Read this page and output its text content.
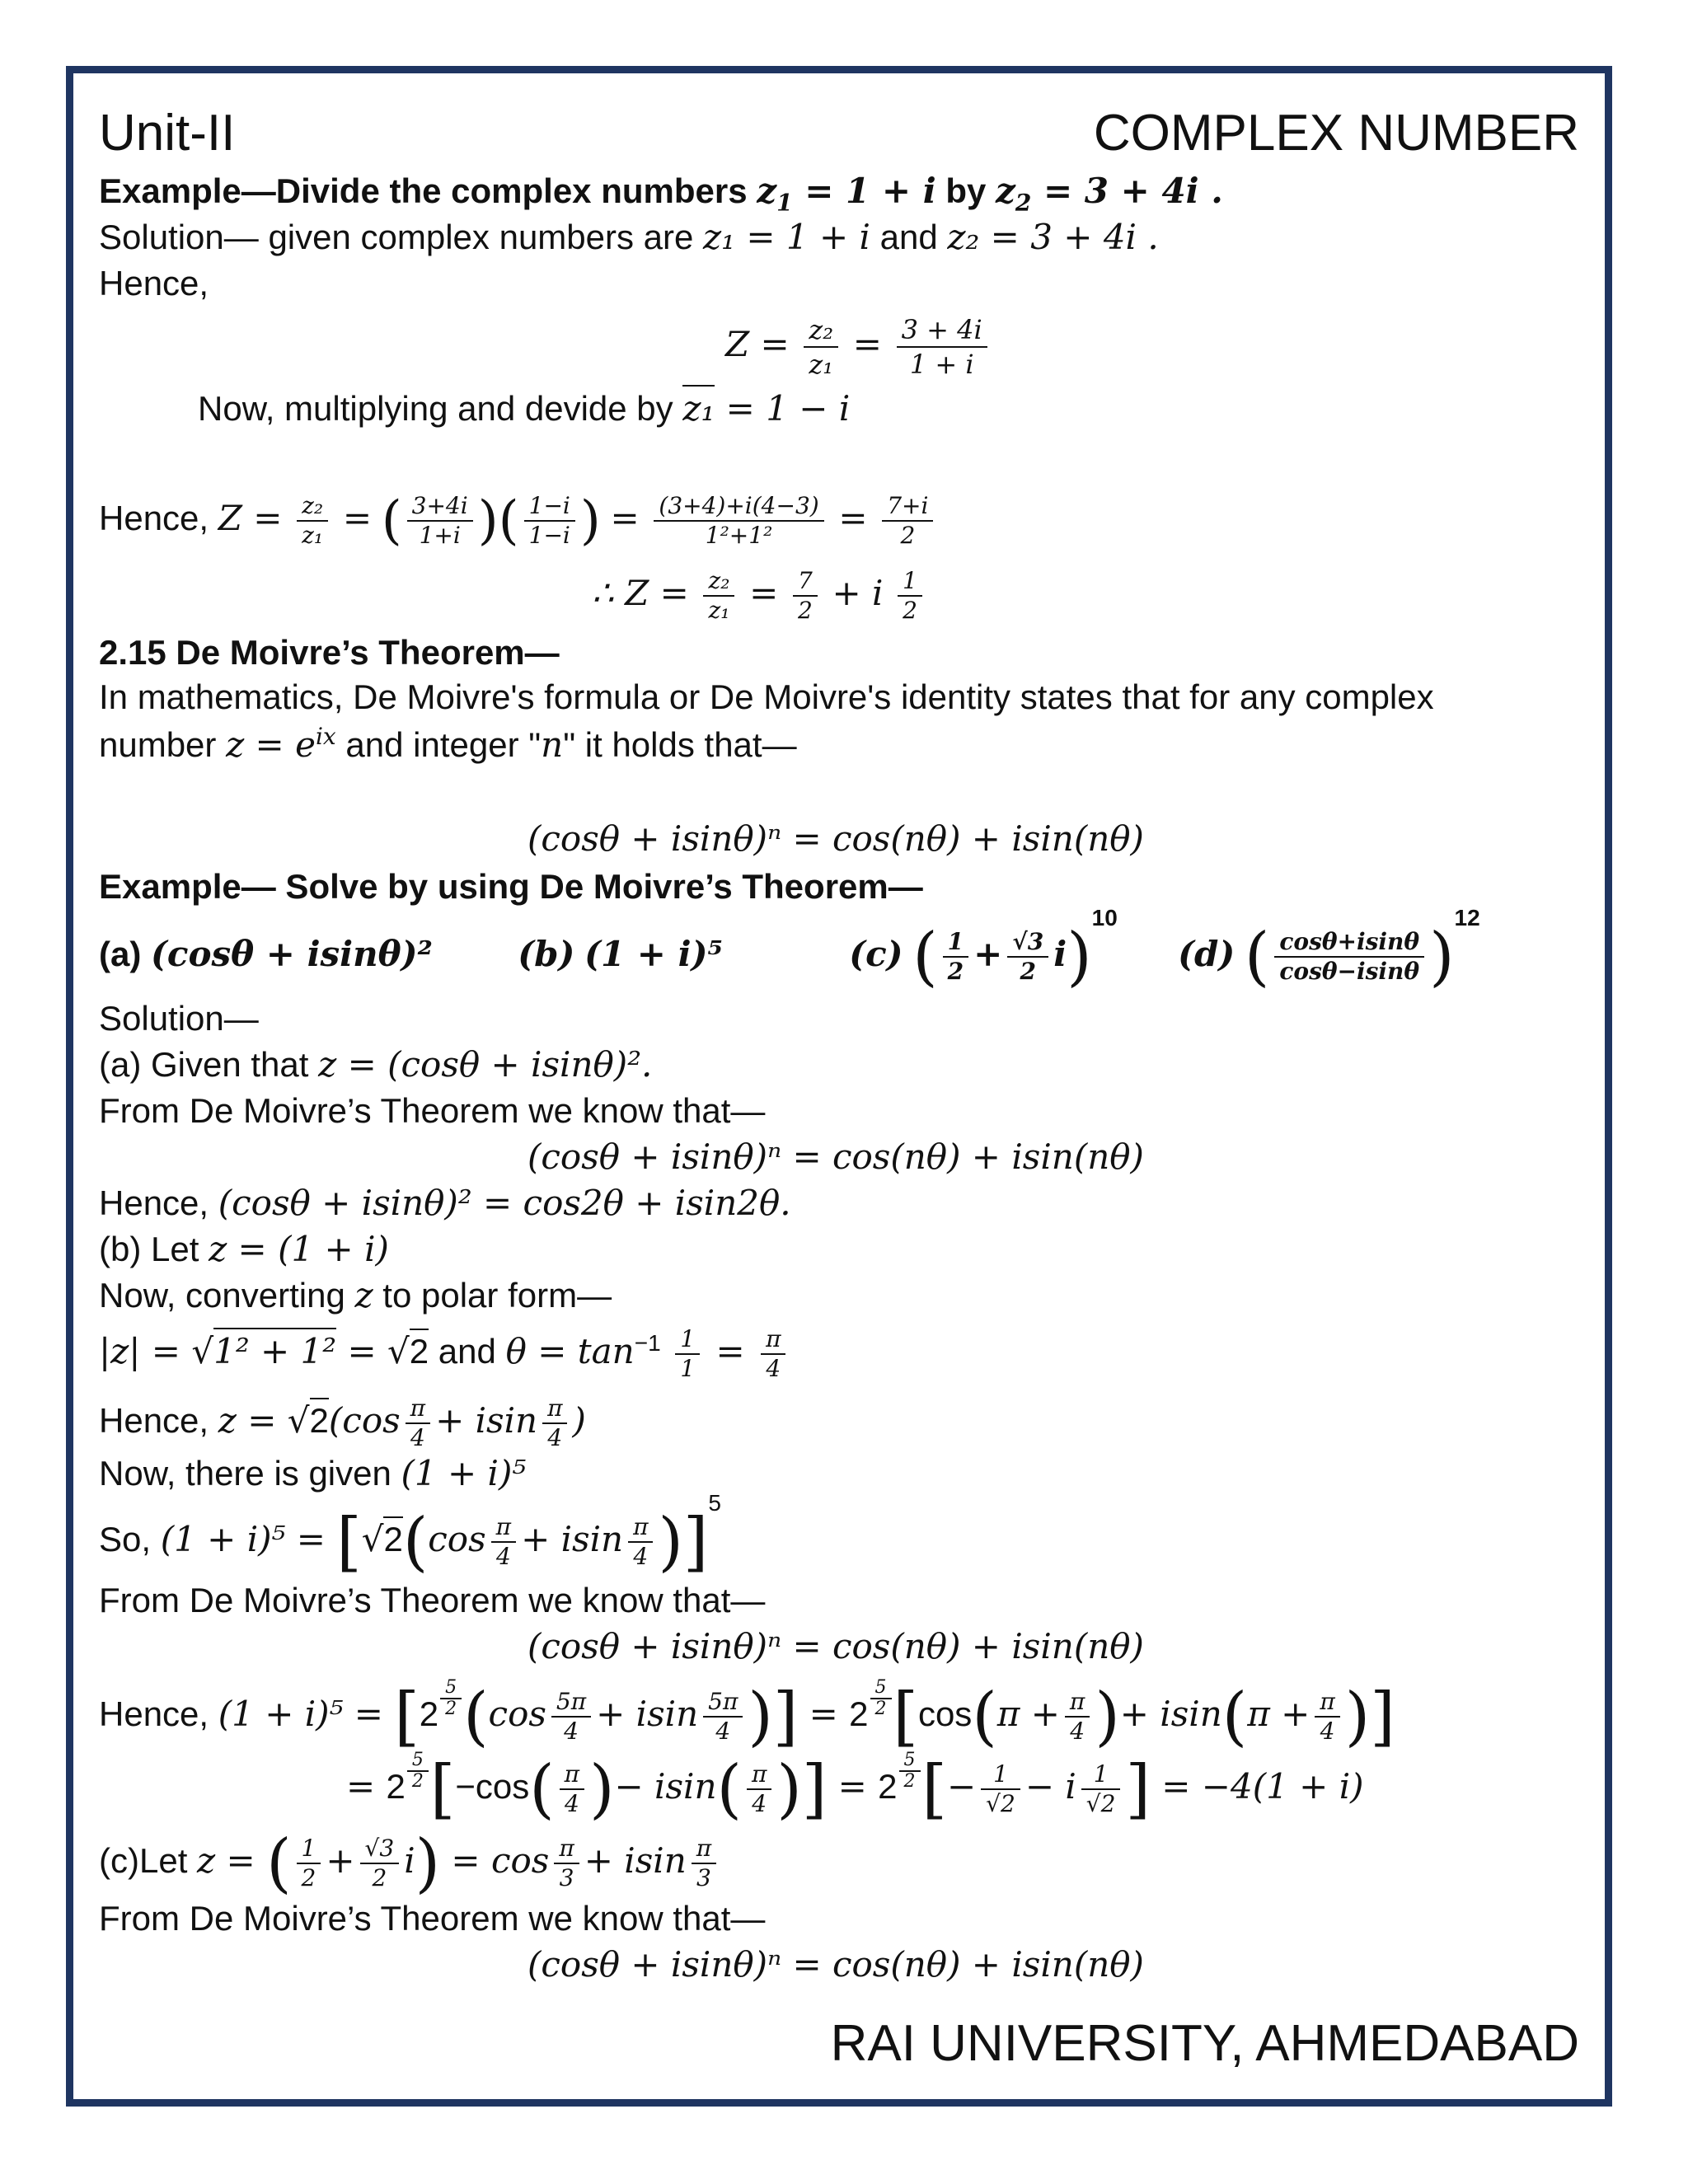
Unit-II	COMPLEX NUMBER
Example—Divide the complex numbers $z_1 = 1 + i$ by $z_2 = 3 + 4i$ .
Solution— given complex numbers are z₁ = 1 + i and z₂ = 3 + 4i .
Hence,
$Z = \frac{\text{z₂}}{\text{z₁}} = \frac{3 + 4i}{1 + i}$
Now, multiplying and devide by z₁ = 1 − i
Hence, $Z = \frac{\text{z₂}}{\text{z₁}}$ = ( $\frac{3+4i}{1+i}$ )( $\frac{1-i}{1-i}$ ) = $\frac{(3+4)+i(4-3)}{\text{1²+1²}} = \frac{7+i}{2}$
∴ $Z = \frac{\text{z₂}}{\text{z₁}} = \frac{7}{2} + i \frac{1}{2}$
2.15 De Moivre’s Theorem—
In mathematics, De Moivre's formula or De Moivre's identity states that for any complex
number $z = e^{ix}$ and integer "n" it holds that—
(cosθ + isinθ)ⁿ = cos(nθ) + isin(nθ)
Example— Solve by using De Moivre’s Theorem—
(a) (cosθ + isinθ)² (b) (1 + i)⁵	(c) ( $\frac{1}{2} + \frac{√3}{2} i)^{10}$  (d) ( $\frac{\cos\theta+isin\theta}{\cos\theta-isin\theta} )^{12}$
Solution—
(a) Given that z = (cosθ + isinθ)².
From De Moivre’s Theorem we know that—
(cosθ + isinθ)ⁿ = cos(nθ) + isin(nθ)
Hence, (cosθ + isinθ)² = cos2θ + isin2θ.
(b) Let z = (1 + i)
Now, converting z to polar form—
|z| = √1² + 1² = √2 and $\theta = \tan^{-1} \frac{1}{1} = \frac{\pi}{4}$
Hence, $z = √2(\cos \frac{\pi}{4} + isin \frac{\pi}{4}$ )
Now, there is given (1 + i)⁵
So, $(1 + i)^5 = [√2(\cos \frac{\pi}{4} + isin \frac{\pi}{4} )]^5$
From De Moivre’s Theorem we know that—
(cosθ + isinθ)ⁿ = cos(nθ) + isin(nθ)
Hence, $(1 + i)^5 = [2 \frac{5}{2} (\cos \frac{5\pi}{4} + isin \frac{5\pi}{4}$ )] = $2 \frac{5}{2} [\cos(\pi + \frac{\pi}{4}$ )+ $isin(\pi + \frac{\pi}{4}$ )]
= $2 \frac{5}{2} [-\cos( \frac{\pi}{4}$ )− $isin( \frac{\pi}{4}$ )] = $2 \frac{5}{2}$ [− $\frac{1}{√2} - i \frac{1}{√2}$ ] = −4(1 + i)
(c)Let z = ( $\frac{1}{2} + \frac{√3}{2} i) = \cos \frac{\pi}{3} + isin \frac{\pi}{3}$
From De Moivre’s Theorem we know that—
(cosθ + isinθ)ⁿ = cos(nθ) + isin(nθ)
RAI UNIVERSITY, AHMEDABAD
